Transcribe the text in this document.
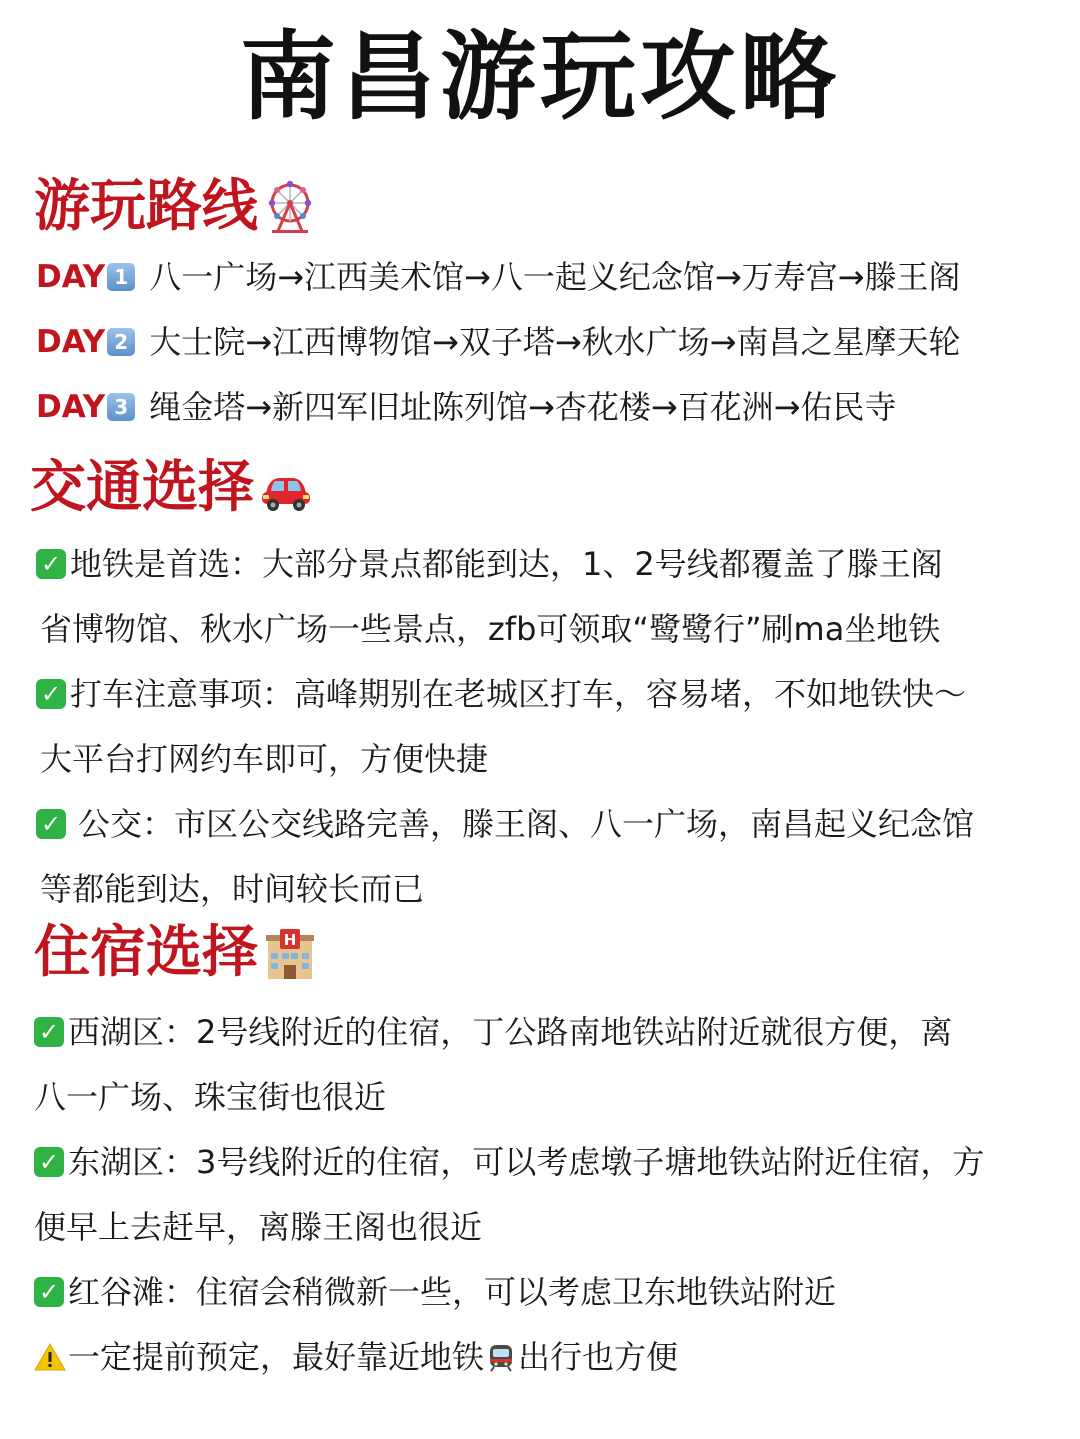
南昌游玩攻略
游玩路线
DAY 1 八一广场→江西美术馆→八一起义纪念馆→万寿宫→滕王阁
DAY 2 大士院→江西博物馆→双子塔→秋水广场→南昌之星摩天轮
DAY 3 绳金塔→新四军旧址陈列馆→杏花楼→百花洲→佑民寺
交通选择
✓ 地铁是首选：大部分景点都能到达，1、2号线都覆盖了滕王阁
省博物馆、秋水广场一些景点，zfb可领取“鹭鹭行”刷ma坐地铁
✓ 打车注意事项：高峰期别在老城区打车，容易堵，不如地铁快～
大平台打网约车即可，方便快捷
✓ 公交：市区公交线路完善，滕王阁、八一广场，南昌起义纪念馆
等都能到达，时间较长而已
住宿选择 H
✓ 西湖区：2号线附近的住宿，丁公路南地铁站附近就很方便，离
八一广场、珠宝街也很近
✓ 东湖区：3号线附近的住宿，可以考虑墩子塘地铁站附近住宿，方
便早上去赶早，离滕王阁也很近
✓ 红谷滩：住宿会稍微新一些，可以考虑卫东地铁站附近
一定提前预定，最好靠近地铁 出行也方便
